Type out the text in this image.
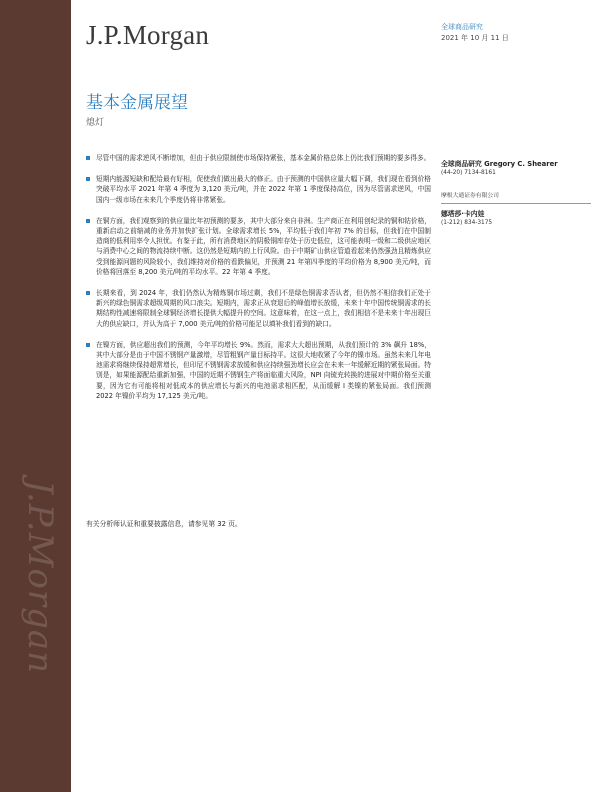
J.P.Morgan
J.P.Morgan	全球商品研究
2021 年 10 月 11 日
基本金属展望
熄灯
尽管中国的需求逆风不断增加，但由于供应限制使市场保持紧张，基本金属价格总体上仍比我们预期的要多得多。
短期内能源短缺和配给最有好相，促使我们做出最大的修正。由于预测的中国供应量大幅下调，我们现在看到价格突破平均水平 2021 年第 4 季度为 3,120 美元/吨，并在 2022 年第 1 季度保持高位，因为尽管需求逆风，中国国内一级市场在未来几个季度仍将非常紧张。
在铜方面，我们观察到的供应量比年初预测的要多，其中大部分来自非洲。生产商正在利用创纪录的铜和钴价格，重新启动之前缩减的业务并加快扩张计划。全球需求增长 5%，平均低于我们年初 7% 的目标，但我们在中国制造商的低利用率令人担忧。有鉴于此，所有消费地区的阴极铜库存处于历史低位，这可能表明一级和二级供应地区与消费中心之间的物流持续中断。这仍然是短期内的上行风险。由于中期矿山供应管道看起来仍然强劲且精炼供应受到能源问题的风险较小，我们维持对价格的看跌偏见，并预测 21 年第四季度的平均价格为 8,900 美元/吨，而价格将回落至 8,200 美元/吨的平均水平。22 年第 4 季度。
长期来看，到 2024 年，我们仍然认为精炼铜市场过剩，我们不是绿色铜需求否认者，但仍然不相信我们正处于新兴的绿色铜需求超级周期的风口浪尖。短期内，需求正从衰退后的峰值增长放缓，未来十年中国传统铜需求的长期结构性减速将限制全球铜经济增长提供大幅提升的空间。这意味着，在这一点上，我们相信不是未来十年出现巨大的供应缺口，并认为高于 7,000 美元/吨的价格可能足以填补我们看到的缺口。
在镍方面，供应超出我们的预测，今年平均增长 9%。然而，需求大大超出预期，从我们预计的 3% 飙升 18%，其中大部分是由于中国不锈钢产量激增，尽管粗钢产量目标持平。这很大地收紧了今年的镍市场。虽然未来几年电池需求将继续保持超常增长，但印尼不锈钢需求放缓和供应持续强劲增长应会在未来一年缓解近期的紧张局面。特别是，如果能源配给重新加强，中国的近期不锈钢生产将面临重大风险，NPI 向锍充转换的进展对中期价格至关重要，因为它有可能将相对低成本的供应增长与新兴的电池需求相匹配，从而缓解 I 类镍的紧张局面。我们预测 2022 年镍价平均为 17,125 美元/吨。
有关分析师认证和重要披露信息，请参见第 32 页。
全球商品研究 Gregory C. Shearer
(44-20) 7134-8161
摩根大通证券有限公司
娜塔莎·卡内娃
(1-212) 834-3175
